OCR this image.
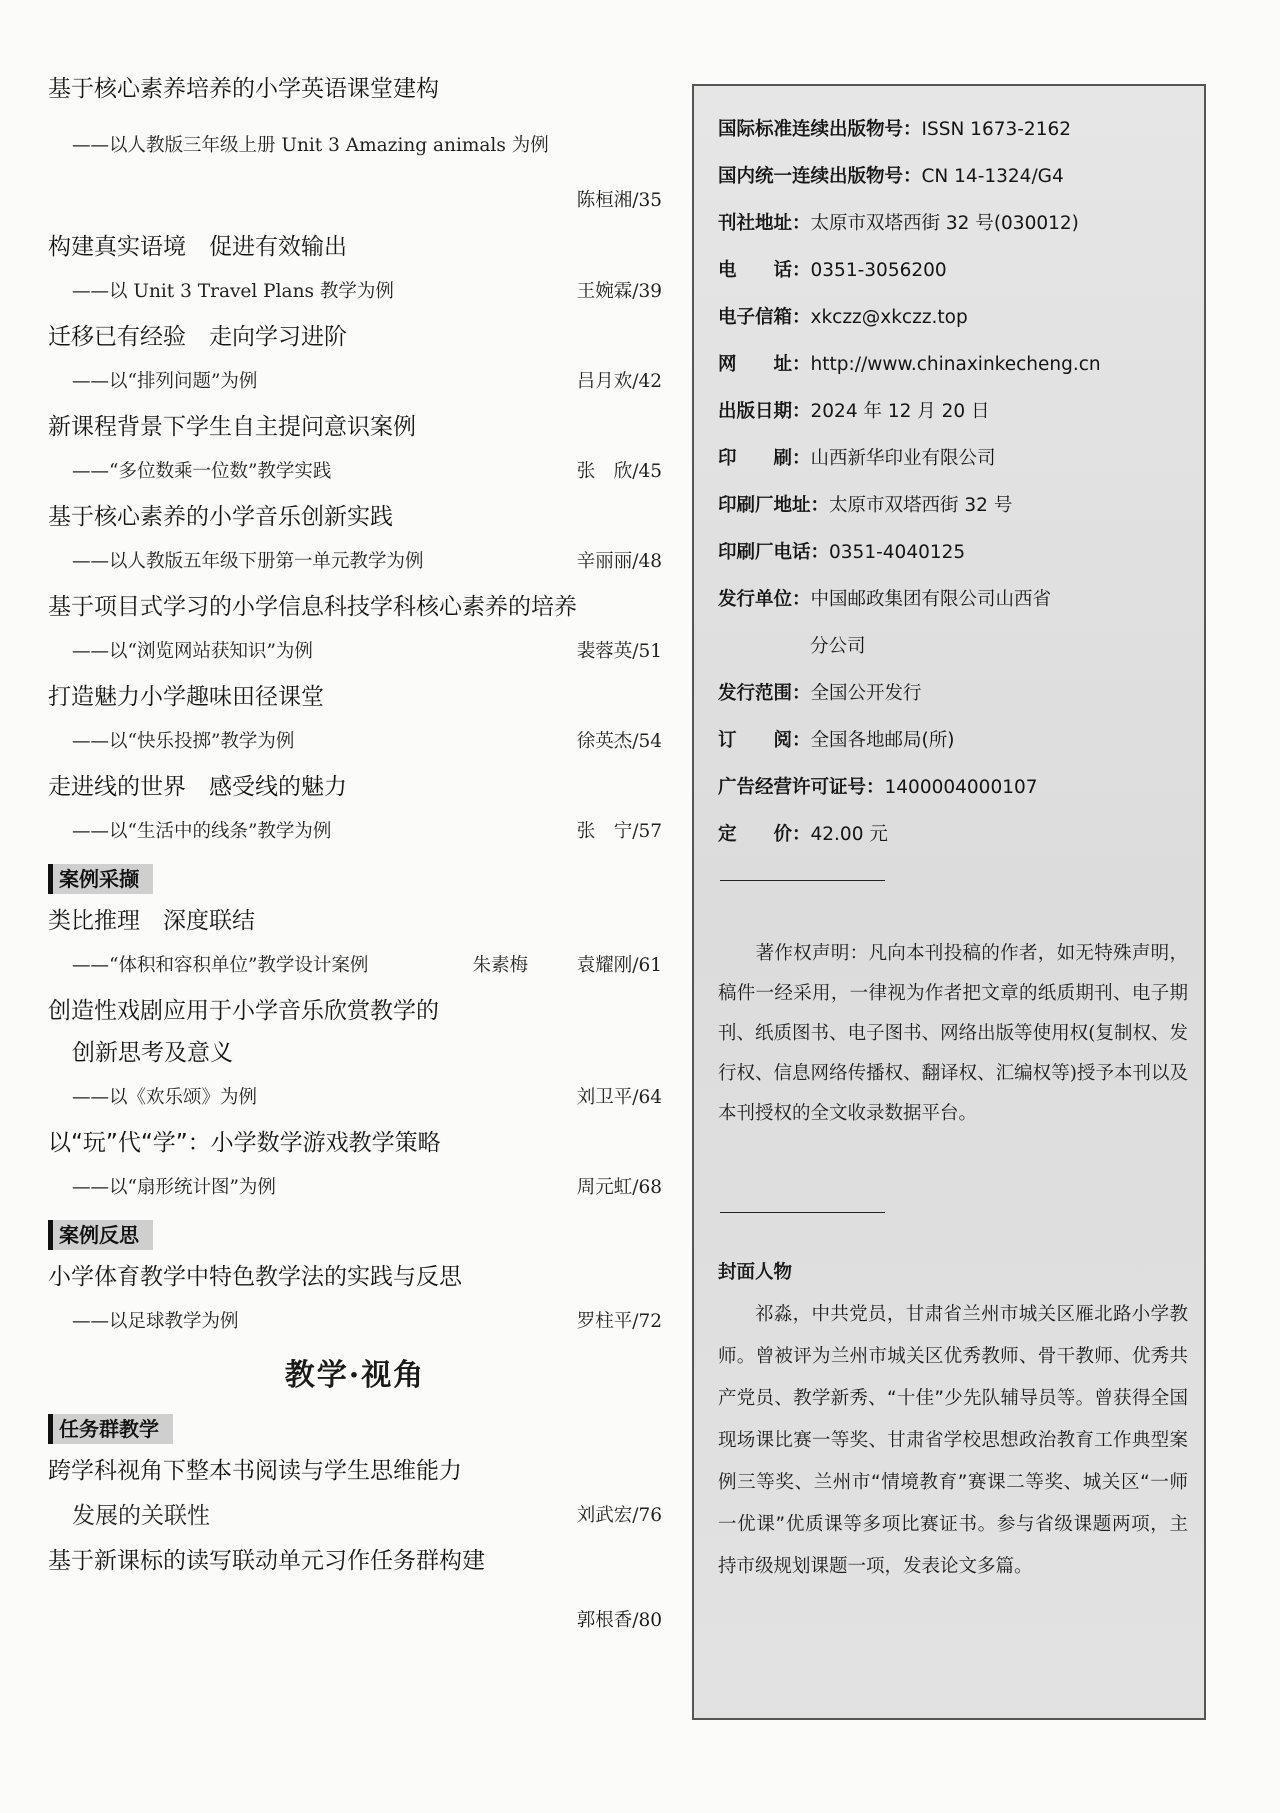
基于核心素养培养的小学英语课堂建构
——以人教版三年级上册 Unit 3 Amazing animals 为例
陈桓湘/35
构建真实语境　促进有效输出
——以 Unit 3 Travel Plans 教学为例	王婉霖/39
迁移已有经验　走向学习进阶
——以“排列问题”为例	吕月欢/42
新课程背景下学生自主提问意识案例
——“多位数乘一位数”教学实践	张　欣/45
基于核心素养的小学音乐创新实践
——以人教版五年级下册第一单元教学为例	辛丽丽/48
基于项目式学习的小学信息科技学科核心素养的培养
——以“浏览网站获知识”为例	裴蓉英/51
打造魅力小学趣味田径课堂
——以“快乐投掷”教学为例	徐英杰/54
走进线的世界　感受线的魅力
——以“生活中的线条”教学为例	张　宁/57
案例采撷
类比推理　深度联结
——“体积和容积单位”教学设计案例	朱素梅	袁耀刚/61
创造性戏剧应用于小学音乐欣赏教学的
创新思考及意义
——以《欢乐颂》为例	刘卫平/64
以“玩”代“学”：小学数学游戏教学策略
——以“扇形统计图”为例	周元虹/68
案例反思
小学体育教学中特色教学法的实践与反思
——以足球教学为例	罗柱平/72
教学·视角
任务群教学
跨学科视角下整本书阅读与学生思维能力
发展的关联性	刘武宏/76
基于新课标的读写联动单元习作任务群构建
郭根香/80
国际标准连续出版物号：ISSN 1673-2162
国内统一连续出版物号：CN 14-1324/G4
刊社地址：太原市双塔西街 32 号(030012)
电　　话：0351-3056200
电子信箱：xkczz@xkczz.top
网　　址：http://www.chinaxinkecheng.cn
出版日期：2024 年 12 月 20 日
印　　刷：山西新华印业有限公司
印刷厂地址：太原市双塔西街 32 号
印刷厂电话：0351-4040125
发行单位：中国邮政集团有限公司山西省
分公司
发行范围：全国公开发行
订　　阅：全国各地邮局(所)
广告经营许可证号：1400004000107
定　　价：42.00 元
　　著作权声明：凡向本刊投稿的作者，如无特殊声明，稿件一经采用，一律视为作者把文章的纸质期刊、电子期刊、纸质图书、电子图书、网络出版等使用权(复制权、发行权、信息网络传播权、翻译权、汇编权等)授予本刊以及本刊授权的全文收录数据平台。
封面人物
祁淼，中共党员，甘肃省兰州市城关区雁北路小学教师。曾被评为兰州市城关区优秀教师、骨干教师、优秀共产党员、教学新秀、“十佳”少先队辅导员等。曾获得全国现场课比赛一等奖、甘肃省学校思想政治教育工作典型案例三等奖、兰州市“情境教育”赛课二等奖、城关区“一师一优课”优质课等多项比赛证书。参与省级课题两项，主持市级规划课题一项，发表论文多篇。
